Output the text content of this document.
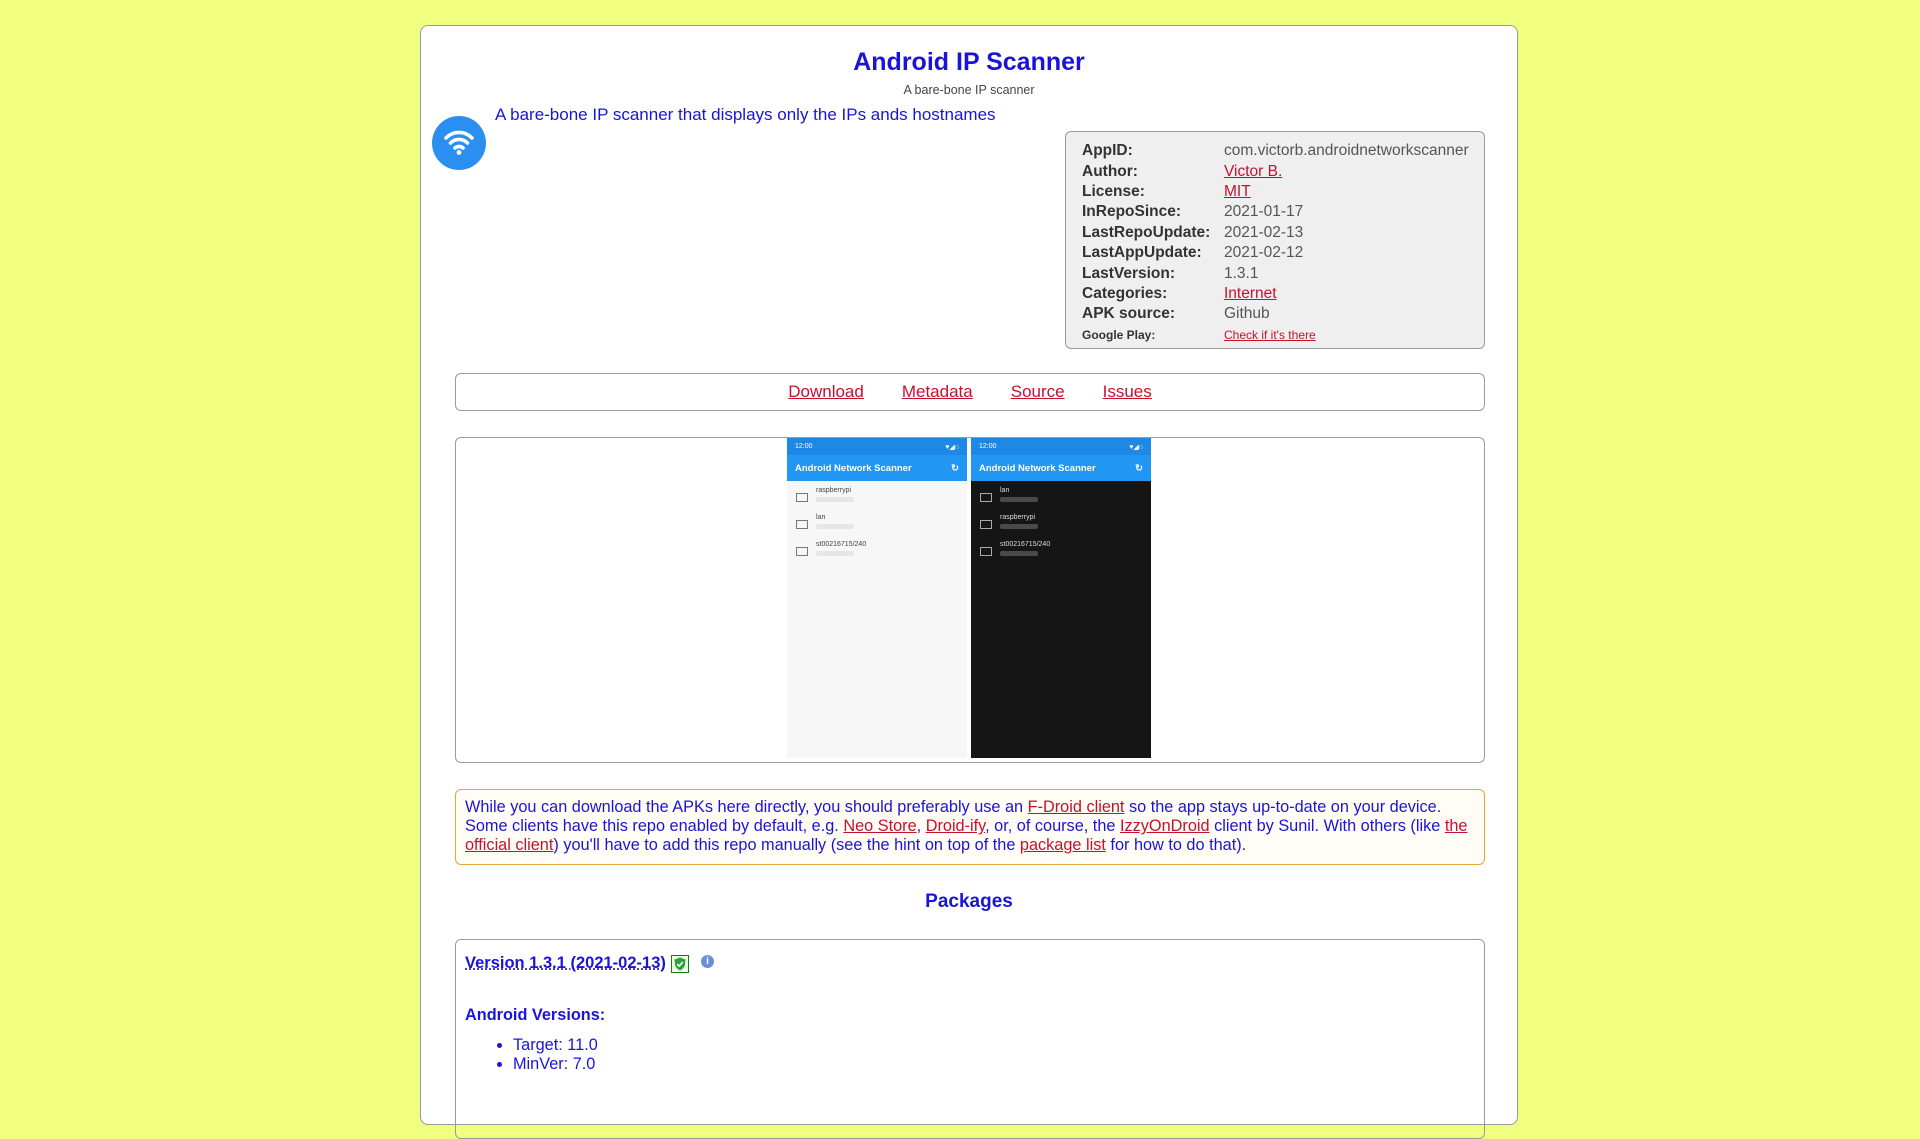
Android IP Scanner
A bare-bone IP scanner
A bare-bone IP scanner that displays only the IPs ands hostnames
AppID:	com.victorb.androidnetworkscanner
Author:	Victor B.
License:	MIT
InRepoSince:	2021-01-17
LastRepoUpdate: 2021-02-13
LastAppUpdate:	2021-02-12
LastVersion:	1.3.1
Categories:	Internet
APK source:	Github
Google Play:	Check if it's there
Download Metadata Source Issues
12:00	♥◢○
Android Network Scanner	↻
raspberrypi
lan
st00216715/240
12:00	♥◢○
Android Network Scanner	↻
lan
raspberrypi
st00216715/240
While you can download the APKs here directly, you should preferably use an F-Droid client so the app stays up-to-date on your device. Some clients have this repo enabled by default, e.g. Neo Store, Droid-ify, or, of course, the IzzyOnDroid client by Sunil. With others (like the official client) you'll have to add this repo manually (see the hint on top of the package list for how to do that).
Packages
Version 1.3.1 (2021-02-13)	i
Android Versions:
• Target: 11.0
• MinVer: 7.0
